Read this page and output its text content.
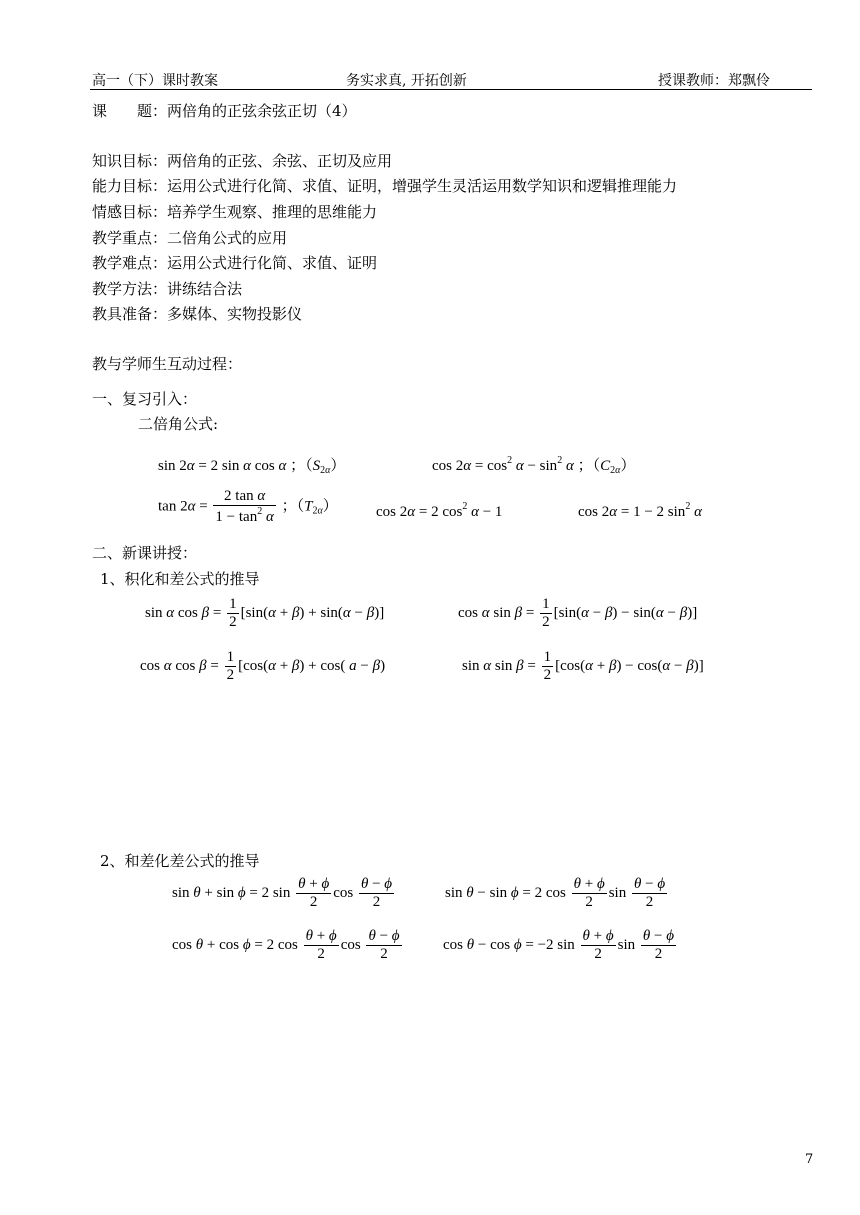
高一（下）课时教案	务实求真, 开拓创新	授课教师：郑飘伶
课　　题：两倍角的正弦余弦正切（4）
知识目标：两倍角的正弦、余弦、正切及应用
能力目标：运用公式进行化简、求值、证明，增强学生灵活运用数学知识和逻辑推理能力
情感目标：培养学生观察、推理的思维能力
教学重点：二倍角公式的应用
教学难点：运用公式进行化简、求值、证明
教学方法：讲练结合法
教具准备：多媒体、实物投影仪
教与学师生互动过程：
一、复习引入：
二倍角公式:
sin 2α = 2 sin α cos α ；$(S_{2\alpha})$	$\cos 2\alpha = \cos^2 \alpha - \sin^2 \alpha$ ；$(C_{2\alpha})$
$\tan 2\alpha = \frac{\text{2 tan α}}{1 - \tan^2 \alpha}$ ；$(T_{2\alpha})$	cos 2α = 2 $\cos^2 \alpha - 1$	cos 2α = 1 − 2 $\sin^2 \alpha$
二、新课讲授：
1、积化和差公式的推导
sin α $\cos \beta = \frac{1}{2} [\sin(\alpha + \beta) + \sin(\alpha - \beta)]$	cos α $\sin \beta = \frac{1}{2} [\sin(\alpha - \beta) - \sin(\alpha - \beta)]$
cos α $\cos \beta = \frac{1}{2} [\cos(\alpha + \beta) + \cos$( a − β)	sin α $\sin \beta = \frac{1}{2} [\cos(\alpha + \beta) - \cos(\alpha - \beta)]$
2、和差化差公式的推导
sin θ + sin ϕ = 2 $\sin \frac{\theta + \phi}{2}$ $\cos \frac{\theta - \phi}{2}$	sin θ − sin ϕ = 2 $\cos \frac{\theta + \phi}{2}$ $\sin \frac{\theta - \phi}{2}$
cos θ + cos ϕ = 2 $\cos \frac{\theta + \phi}{2}$ $\cos \frac{\theta - \phi}{2}$	cos θ − cos ϕ = −2 $\sin \frac{\theta + \phi}{2}$ $\sin \frac{\theta - \phi}{2}$
7
